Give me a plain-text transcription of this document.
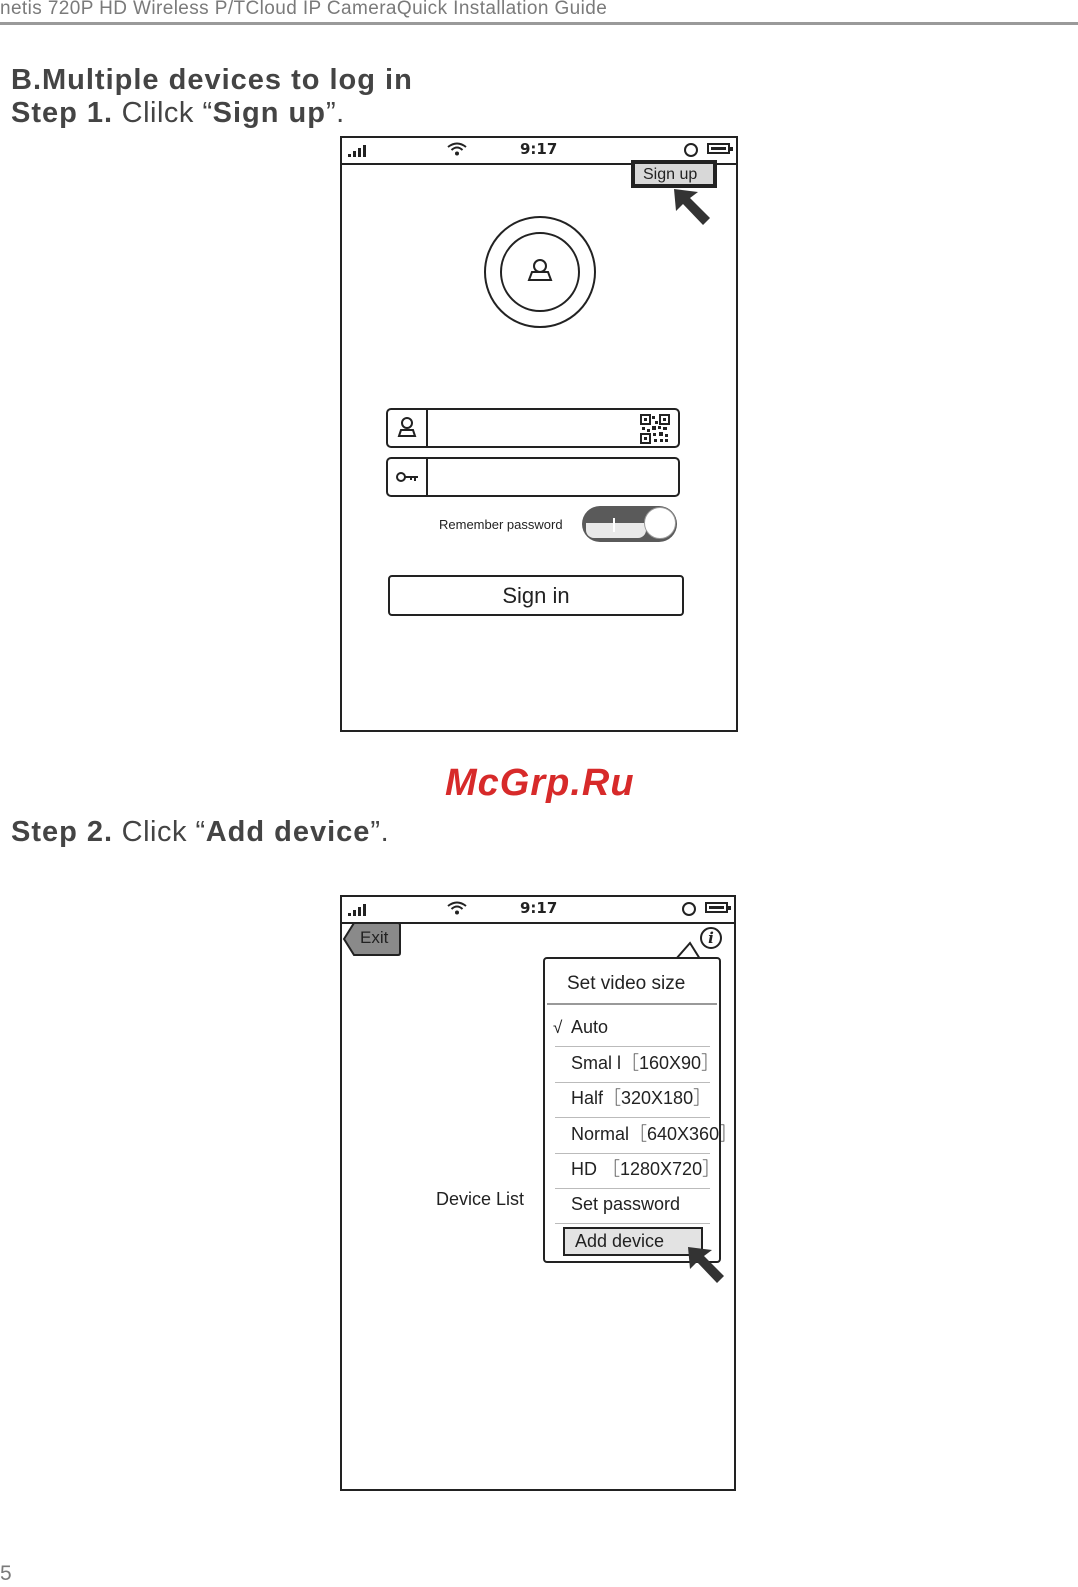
netis 720P HD Wireless P/TCloud IP CameraQuick Installation Guide
B.Multiple devices to log in
Step 1. Clilck “Sign up”.
9:17
Sign up
Remember password
Sign in
McGrp.Ru
Step 2. Click “Add device”.
9:17
Exit	i
Set video size
√ Auto
Smal l［160X90］
Half［320X180］
Normal［640X360］
HD ［1280X720］
Set password
Add device
Device List
5
